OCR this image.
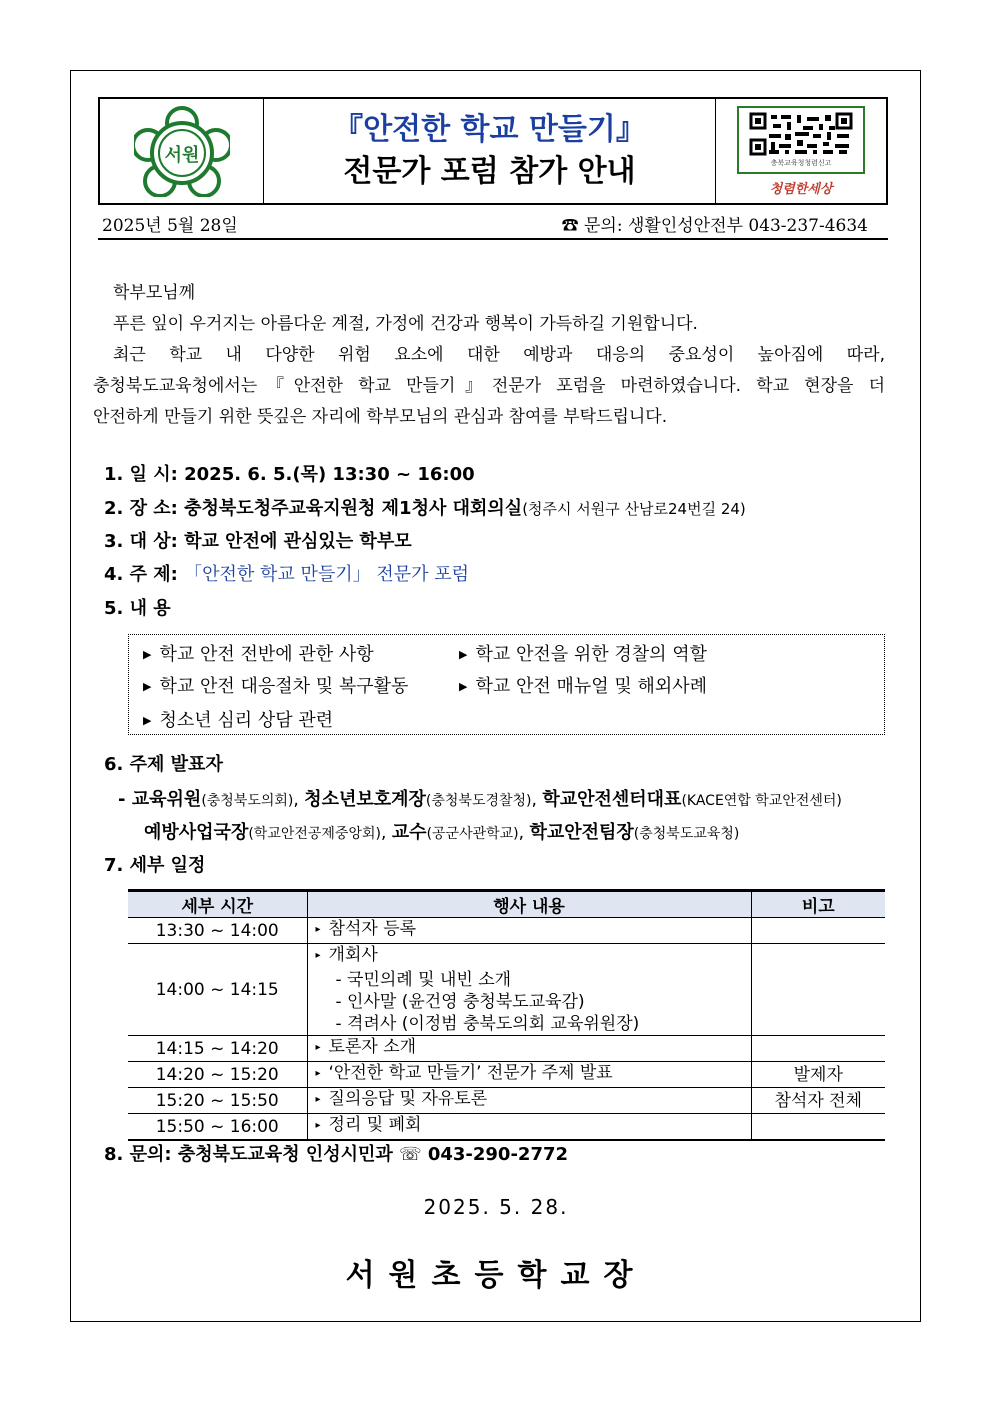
서원
『안전한 학교 만들기』
전문가 포럼 참가 안내	충북교육청청렴신고
청렴한세상
2025년 5월 28일	☎ 문의: 생활인성안전부 043-237-4634
학부모님께
푸른 잎이 우거지는 아름다운 계절, 가정에 건강과 행복이 가득하길 기원합니다.
최근 학교 내 다양한 위험 요소에 대한 예방과 대응의 중요성이 높아짐에 따라,
충청북도교육청에서는『안전한 학교 만들기』전문가 포럼을 마련하였습니다. 학교 현장을 더
안전하게 만들기 위한 뜻깊은 자리에 학부모님의 관심과 참여를 부탁드립니다.
1. 일 시: 2025. 6. 5.(목) 13:30 ~ 16:00
2. 장 소: 충청북도청주교육지원청 제1청사 대회의실(청주시 서원구 산남로24번길 24)
3. 대 상: 학교 안전에 관심있는 학부모
4. 주 제: 「안전한 학교 만들기」 전문가 포럼
5. 내 용
▶ 학교 안전 전반에 관한 사항	▶ 학교 안전을 위한 경찰의 역할
▶ 학교 안전 대응절차 및 복구활동	▶ 학교 안전 매뉴얼 및 해외사례
▶ 청소년 심리 상담 관련
6. 주제 발표자
- 교육위원(충청북도의회), 청소년보호계장(충청북도경찰청), 학교안전센터대표(KACE연합 학교안전센터)
예방사업국장(학교안전공제중앙회), 교수(공군사관학교), 학교안전팀장(충청북도교육청)
7. 세부 일정
세부 시간	행사 내용	비고
13:30 ~ 14:00	▸ 참석자 등록	
14:00 ~ 14:15	▸ 개회사
- 국민의례 및 내빈 소개
- 인사말 (윤건영 충청북도교육감)
- 격려사 (이정범 충북도의회 교육위원장)	

14:15 ~ 14:20	▸ 토론자 소개	
14:20 ~ 15:20	▸ ‘안전한 학교 만들기’ 전문가 주제 발표	발제자
15:20 ~ 15:50	▸ 질의응답 및 자유토론	참석자 전체
15:50 ~ 16:00	▸ 정리 및 폐회	
8. 문의: 충청북도교육청 인성시민과 ☏ 043-290-2772
2025. 5. 28.
서원초등학교장
